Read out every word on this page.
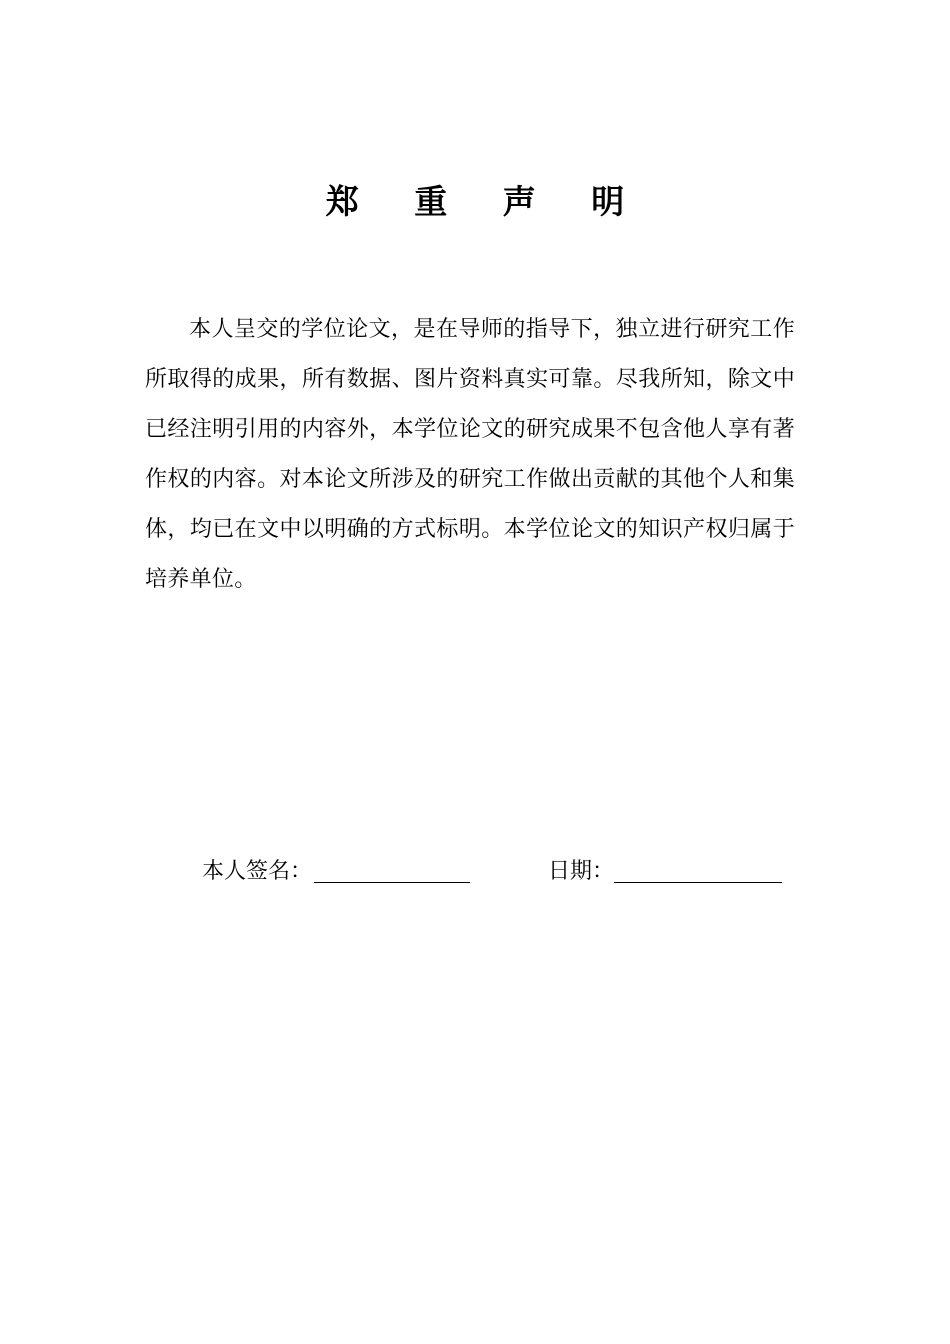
郑 重 声 明

本人呈交的学位论文，是在导师的指导下，独立进行研究工作所取得的成果，所有数据、图片资料真实可靠。尽我所知，除文中已经注明引用的内容外，本学位论文的研究成果不包含他人享有著作权的内容。对本论文所涉及的研究工作做出贡献的其他个人和集体，均已在文中以明确的方式标明。本学位论文的知识产权归属于培养单位。

本人签名：	日期：
